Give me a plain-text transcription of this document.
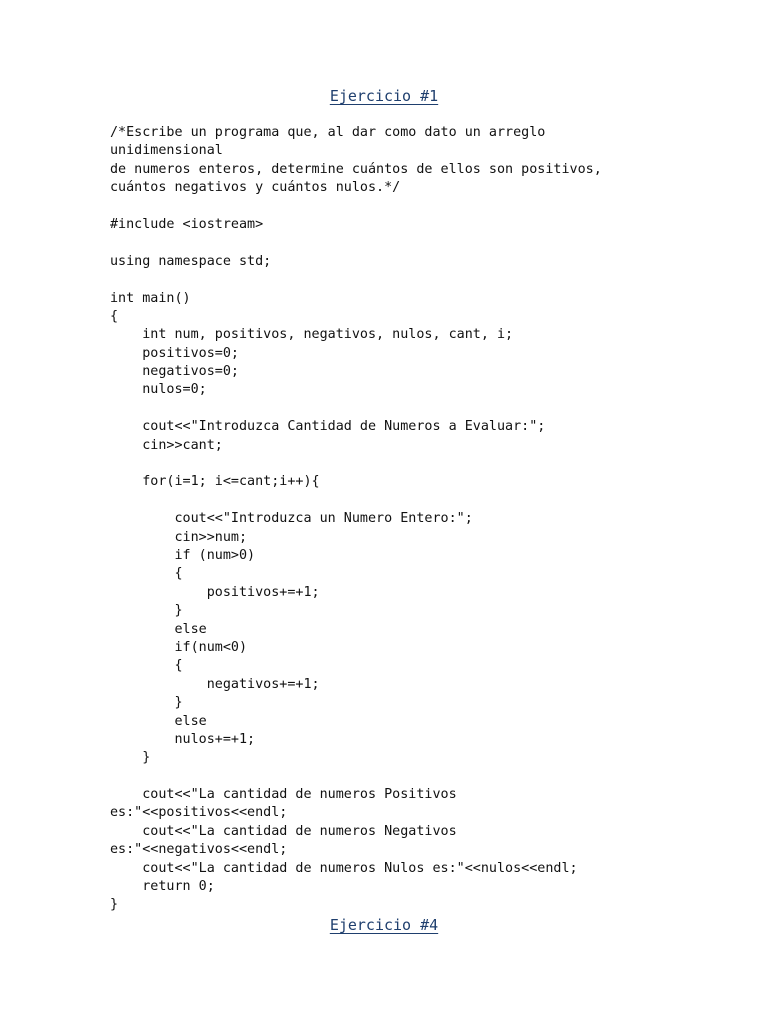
Ejercicio #1

/*Escribe un programa que, al dar como dato un arreglo
unidimensional
de numeros enteros, determine cuántos de ellos son positivos,
cuántos negativos y cuántos nulos.*/
#include <iostream>
using namespace std;
int main()
{
int num, positivos, negativos, nulos, cant, i;
positivos=0;
negativos=0;
nulos=0;
cout<<"Introduzca Cantidad de Numeros a Evaluar:";
cin>>cant;
for(i=1; i<=cant;i++){
cout<<"Introduzca un Numero Entero:";
cin>>num;
if (num>0)
{
positivos+=+1;
}
else
if(num<0)
{
negativos+=+1;
}
else
nulos+=+1;
}
cout<<"La cantidad de numeros Positivos
es:"<<positivos<<endl;
cout<<"La cantidad de numeros Negativos
es:"<<negativos<<endl;
cout<<"La cantidad de numeros Nulos es:"<<nulos<<endl;
return 0;
}

Ejercicio #4
